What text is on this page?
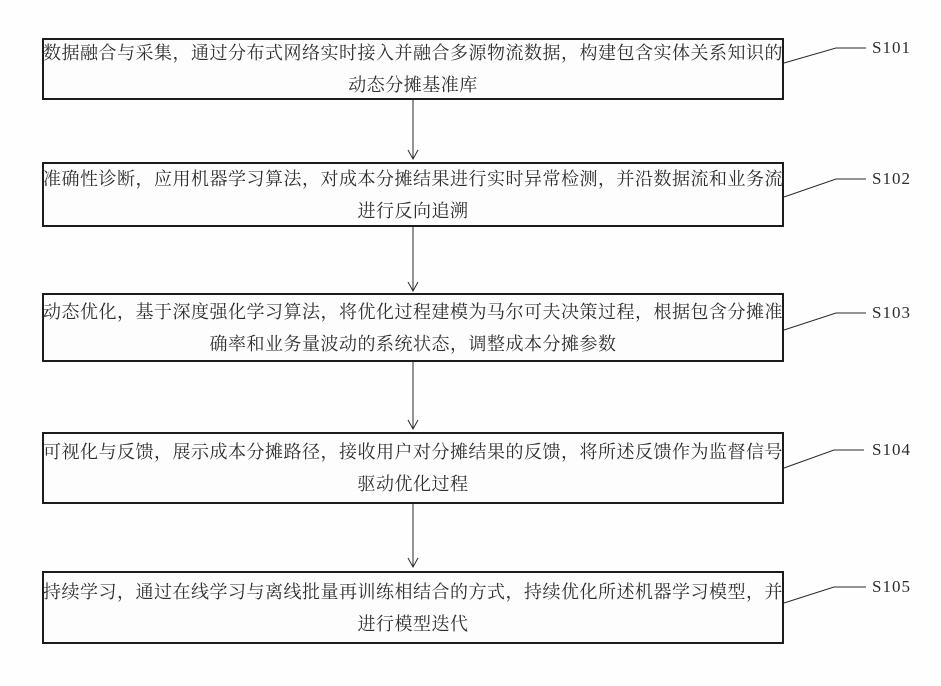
数据融合与采集，通过分布式网络实时接入并融合多源物流数据，构建包含实体关系知识的
动态分摊基准库
准确性诊断，应用机器学习算法，对成本分摊结果进行实时异常检测，并沿数据流和业务流
进行反向追溯
动态优化，基于深度强化学习算法，将优化过程建模为马尔可夫决策过程，根据包含分摊准
确率和业务量波动的系统状态，调整成本分摊参数
可视化与反馈，展示成本分摊路径，接收用户对分摊结果的反馈，将所述反馈作为监督信号
驱动优化过程
持续学习，通过在线学习与离线批量再训练相结合的方式，持续优化所述机器学习模型，并
进行模型迭代
S101
S102
S103
S104
S105
